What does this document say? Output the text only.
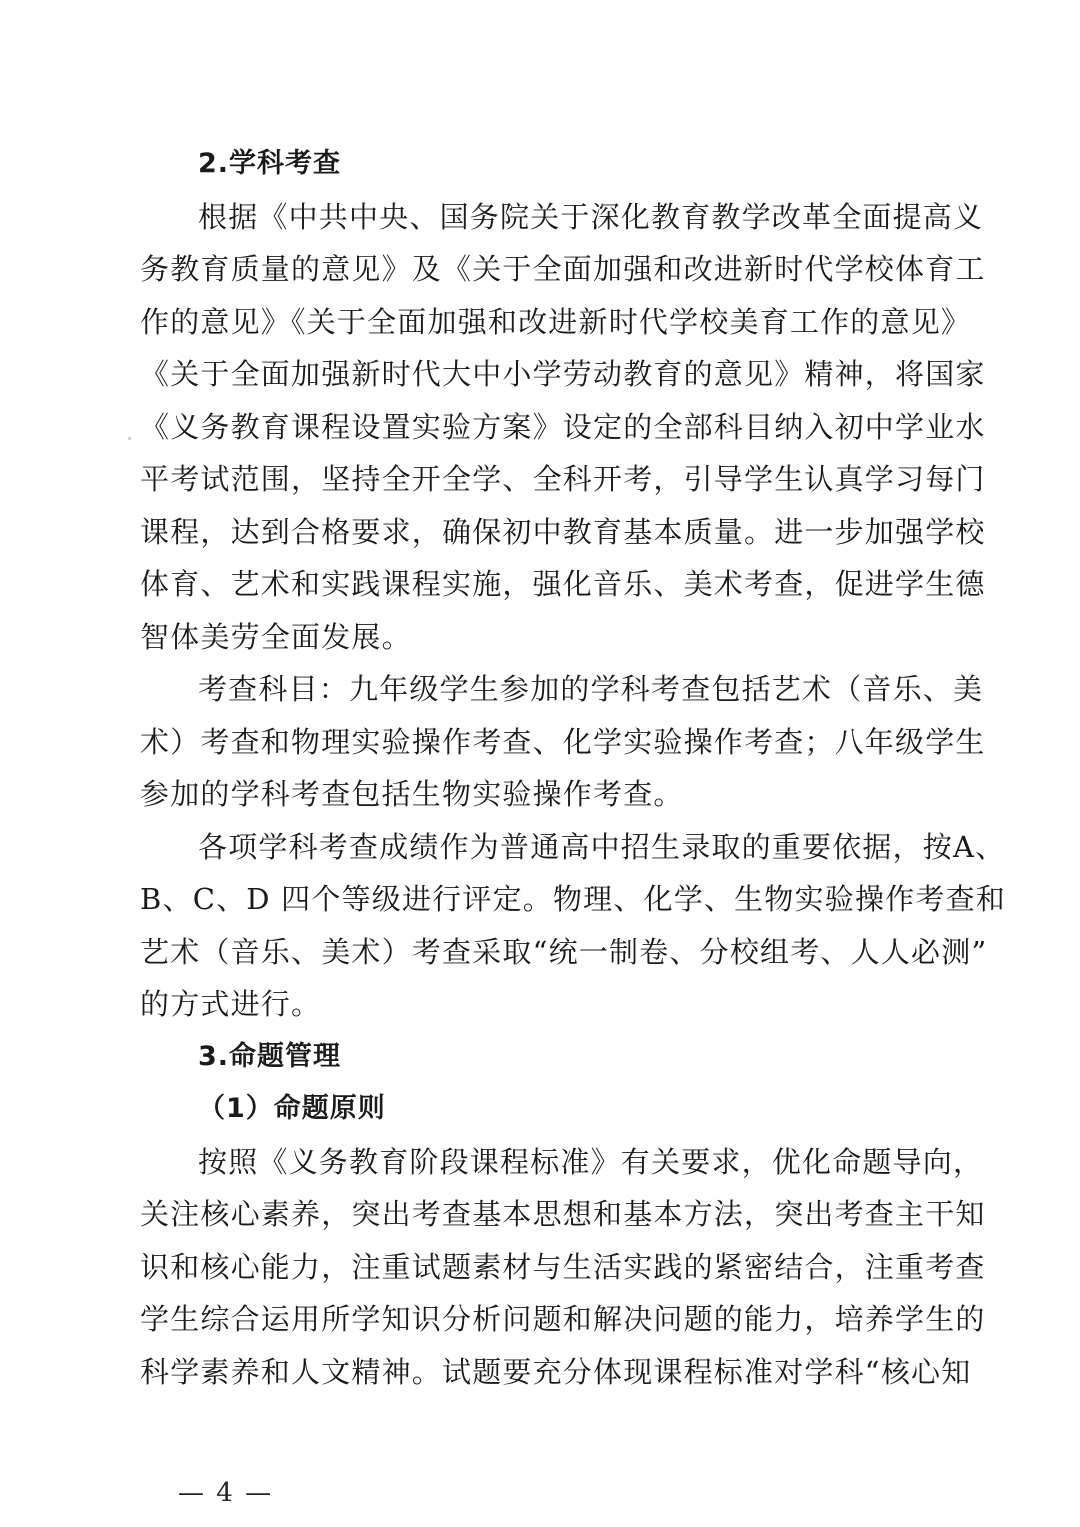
2.学科考查
根据《中共中央、国务院关于深化教育教学改革全面提高义
务教育质量的意见》及《关于全面加强和改进新时代学校体育工
作的意见》《关于全面加强和改进新时代学校美育工作的意见》
《关于全面加强新时代大中小学劳动教育的意见》精神，将国家
《义务教育课程设置实验方案》设定的全部科目纳入初中学业水
平考试范围，坚持全开全学、全科开考，引导学生认真学习每门
课程，达到合格要求，确保初中教育基本质量。进一步加强学校
体育、艺术和实践课程实施，强化音乐、美术考查，促进学生德
智体美劳全面发展。
考查科目：九年级学生参加的学科考查包括艺术（音乐、美
术）考查和物理实验操作考查、化学实验操作考查；八年级学生
参加的学科考查包括生物实验操作考查。
各项学科考查成绩作为普通高中招生录取的重要依据，按A、
B、C、D 四个等级进行评定。物理、化学、生物实验操作考查和
艺术（音乐、美术）考查采取“统一制卷、分校组考、人人必测”
的方式进行。
3.命题管理
（1）命题原则
按照《义务教育阶段课程标准》有关要求，优化命题导向，
关注核心素养，突出考查基本思想和基本方法，突出考查主干知
识和核心能力，注重试题素材与生活实践的紧密结合，注重考查
学生综合运用所学知识分析问题和解决问题的能力，培养学生的
科学素养和人文精神。试题要充分体现课程标准对学科“核心知
— 4 —
